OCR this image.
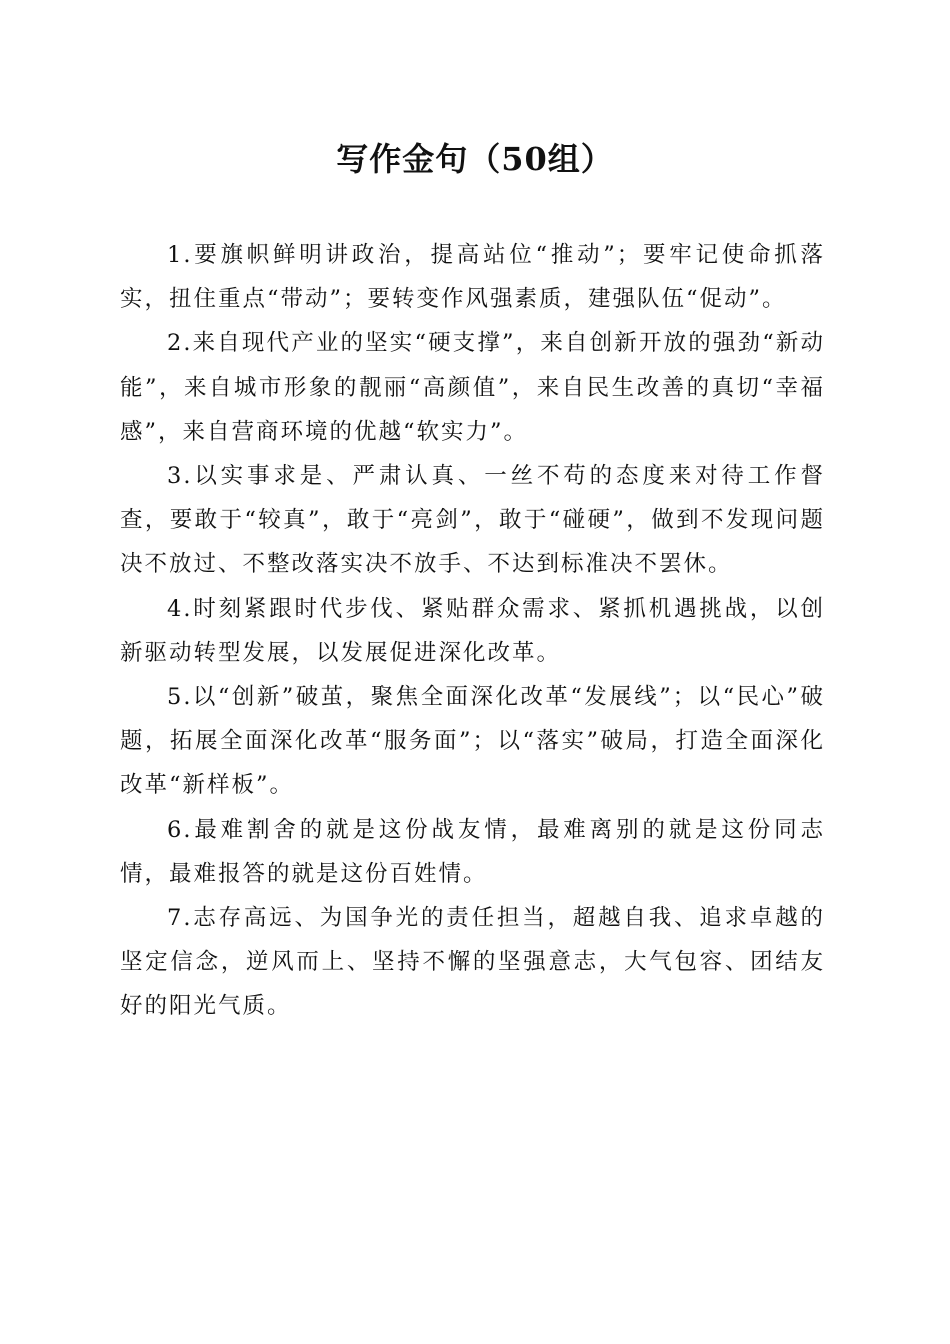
写作金句（50组）

1.要旗帜鲜明讲政治，提高站位“推动”；要牢记使命抓落实，扭住重点“带动”；要转变作风强素质，建强队伍“促动”。

2.来自现代产业的坚实“硬支撑”，来自创新开放的强劲“新动能”，来自城市形象的靓丽“高颜值”，来自民生改善的真切“幸福感”，来自营商环境的优越“软实力”。

3.以实事求是、严肃认真、一丝不苟的态度来对待工作督查，要敢于“较真”，敢于“亮剑”，敢于“碰硬”，做到不发现问题决不放过、不整改落实决不放手、不达到标准决不罢休。

4.时刻紧跟时代步伐、紧贴群众需求、紧抓机遇挑战，以创新驱动转型发展，以发展促进深化改革。

5.以“创新”破茧，聚焦全面深化改革“发展线”；以“民心”破题，拓展全面深化改革“服务面”；以“落实”破局，打造全面深化改革“新样板”。

6.最难割舍的就是这份战友情，最难离别的就是这份同志情，最难报答的就是这份百姓情。

7.志存高远、为国争光的责任担当，超越自我、追求卓越的坚定信念，逆风而上、坚持不懈的坚强意志，大气包容、团结友好的阳光气质。
